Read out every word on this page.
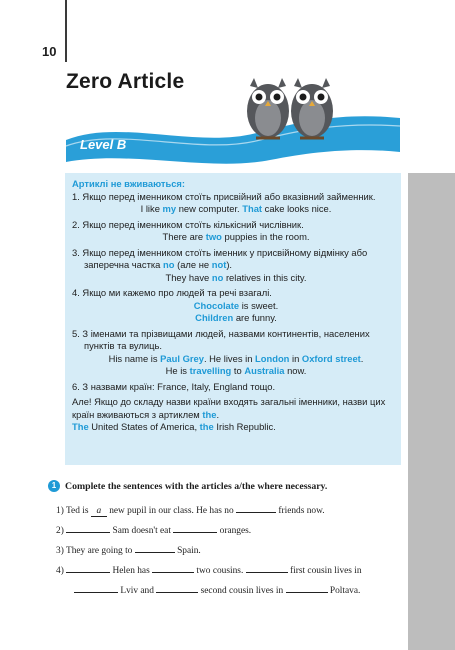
10
Zero Article
Level B
Артиклі не вживаються:
1. Якщо перед іменником стоїть присвійний або вказівний займенник.
I like my new computer. That cake looks nice.
2. Якщо перед іменником стоїть кількісний числівник.
There are two puppies in the room.
3. Якщо перед іменником стоїть іменник у присвійному відмінку або заперечна частка no (але не not).
They have no relatives in this city.
4. Якщо ми кажемо про людей та речі взагалі.
Chocolate is sweet.
Children are funny.
5. З іменами та прізвищами людей, назвами континентів, населених пунктів та вулиць.
His name is Paul Grey. He lives in London in Oxford street.
He is travelling to Australia now.
6. З назвами країн: France, Italy, England тощо.
Але! Якщо до складу назви країни входять загальні іменники, назви цих країн вживаються з артиклем the.
The United States of America, the Irish Republic.
1 Complete the sentences with the articles a/the where necessary.
1) Ted is a new pupil in our class. He has no	friends now.
2)	Sam doesn't eat	oranges.
3) They are going to	Spain.
4)	Helen has	two cousins.	first cousin lives in
Lviv and	second cousin lives in	Poltava.
